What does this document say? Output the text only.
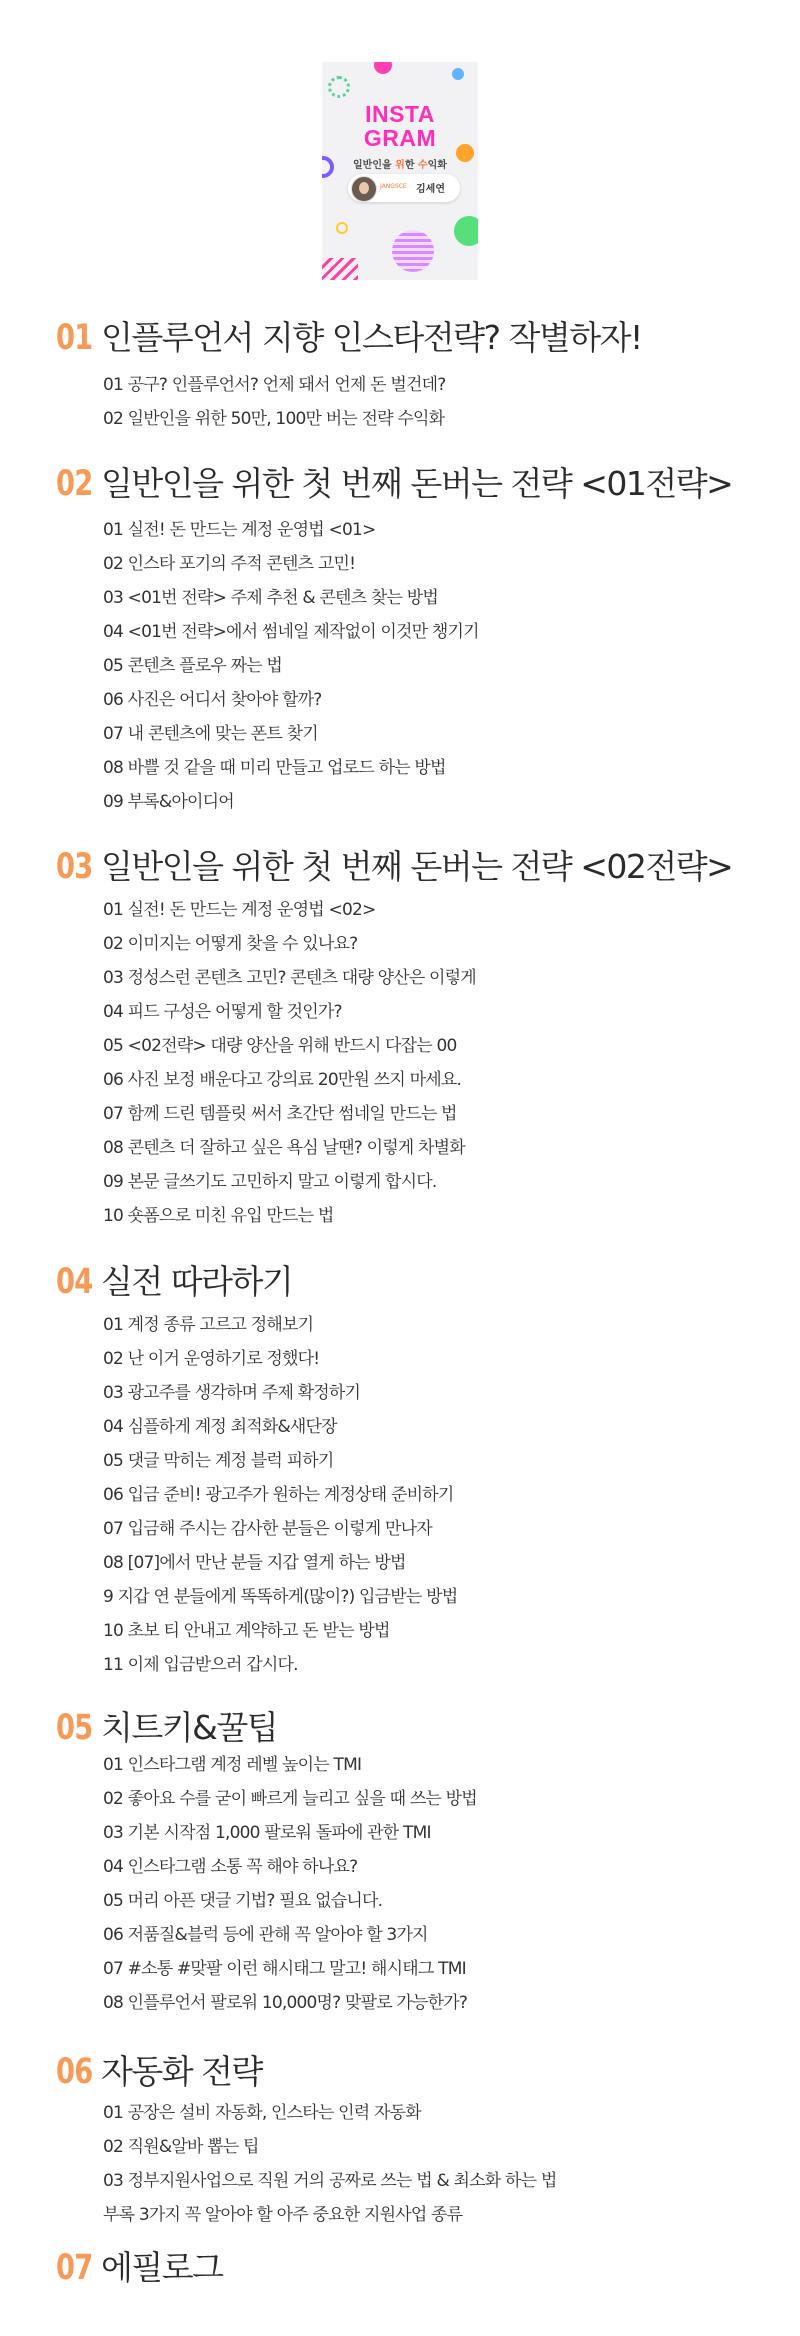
INSTA
GRAM
일반인을 위한 수익화
JANGSCE 김세연
01 인플루언서 지향 인스타전략? 작별하자!
01 공구? 인플루언서? 언제 돼서 언제 돈 벌건데?
02 일반인을 위한 50만, 100만 버는 전략 수익화
02 일반인을 위한 첫 번째 돈버는 전략 <01전략>
01 실전! 돈 만드는 계정 운영법 <01>
02 인스타 포기의 주적 콘텐츠 고민!
03 <01번 전략> 주제 추천 & 콘텐츠 찾는 방법
04 <01번 전략>에서 썸네일 제작없이 이것만 챙기기
05 콘텐츠 플로우 짜는 법
06 사진은 어디서 찾아야 할까?
07 내 콘텐츠에 맞는 폰트 찾기
08 바쁠 것 같을 때 미리 만들고 업로드 하는 방법
09 부록&아이디어
03 일반인을 위한 첫 번째 돈버는 전략 <02전략>
01 실전! 돈 만드는 계정 운영법 <02>
02 이미지는 어떻게 찾을 수 있나요?
03 정성스런 콘텐츠 고민? 콘텐츠 대량 양산은 이렇게
04 피드 구성은 어떻게 할 것인가?
05 <02전략> 대량 양산을 위해 반드시 다잡는 00
06 사진 보정 배운다고 강의료 20만원 쓰지 마세요.
07 함께 드린 템플릿 써서 초간단 썸네일 만드는 법
08 콘텐츠 더 잘하고 싶은 욕심 날땐? 이렇게 차별화
09 본문 글쓰기도 고민하지 말고 이렇게 합시다.
10 숏폼으로 미친 유입 만드는 법
04 실전 따라하기
01 계정 종류 고르고 정해보기
02 난 이거 운영하기로 정했다!
03 광고주를 생각하며 주제 확정하기
04 심플하게 계정 최적화&새단장
05 댓글 막히는 계정 블럭 피하기
06 입금 준비! 광고주가 원하는 계정상태 준비하기
07 입금해 주시는 감사한 분들은 이렇게 만나자
08 [07]에서 만난 분들 지갑 열게 하는 방법
9 지갑 연 분들에게 똑똑하게(많이?) 입금받는 방법
10 초보 티 안내고 계약하고 돈 받는 방법
11 이제 입금받으러 갑시다.
05 치트키&꿀팁
01 인스타그램 계정 레벨 높이는 TMI
02 좋아요 수를 굳이 빠르게 늘리고 싶을 때 쓰는 방법
03 기본 시작점 1,000 팔로워 돌파에 관한 TMI
04 인스타그램 소통 꼭 해야 하나요?
05 머리 아픈 댓글 기법? 필요 없습니다.
06 저품질&블럭 등에 관해 꼭 알아야 할 3가지
07 #소통 #맞팔 이런 해시태그 말고! 해시태그 TMI
08 인플루언서 팔로워 10,000명? 맞팔로 가능한가?
06 자동화 전략
01 공장은 설비 자동화, 인스타는 인력 자동화
02 직원&알바 뽑는 팁
03 정부지원사업으로 직원 거의 공짜로 쓰는 법 & 최소화 하는 법
부록 3가지 꼭 알아야 할 아주 중요한 지원사업 종류
07 에필로그
